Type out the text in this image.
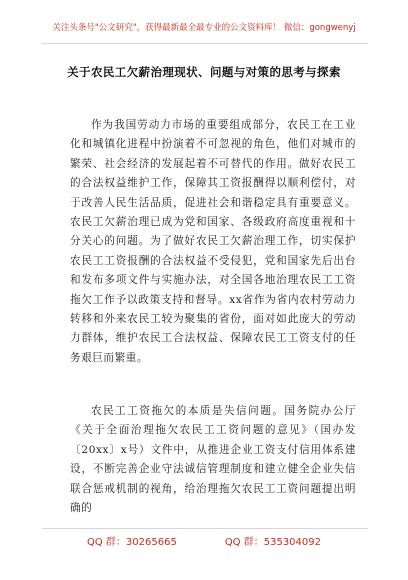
关注头条号"公文研究"，获得最新最全最专业的公文资料库！ 微信：gongwenyj
关于农民工欠薪治理现状、问题与对策的思考与探索

作为我国劳动力市场的重要组成部分，农民工在工业化和城镇化进程中扮演着不可忽视的角色，他们对城市的繁荣、社会经济的发展起着不可替代的作用。做好农民工的合法权益维护工作，保障其工资报酬得以顺利偿付，对于改善人民生活品质，促进社会和谐稳定具有重要意义。农民工欠薪治理已成为党和国家、各级政府高度重视和十分关心的问题。为了做好农民工欠薪治理工作，切实保护农民工工资报酬的合法权益不受侵犯，党和国家先后出台和发布多项文件与实施办法，对全国各地治理农民工工资拖欠工作予以政策支持和督导。xx省作为省内农村劳动力转移和外来农民工较为聚集的省份，面对如此庞大的劳动力群体，维护农民工合法权益、保障农民工工资支付的任务艰巨而繁重。

农民工工资拖欠的本质是失信问题。国务院办公厅《关于全面治理拖欠农民工工资问题的意见》（国办发〔20xx〕x号）文件中，从推进企业工资支付信用体系建设，不断完善企业守法诚信管理制度和建立健全企业失信联合惩戒机制的视角，给治理拖欠农民工工资问题提出明确的

QQ 群：30265665	QQ 群：535304092
